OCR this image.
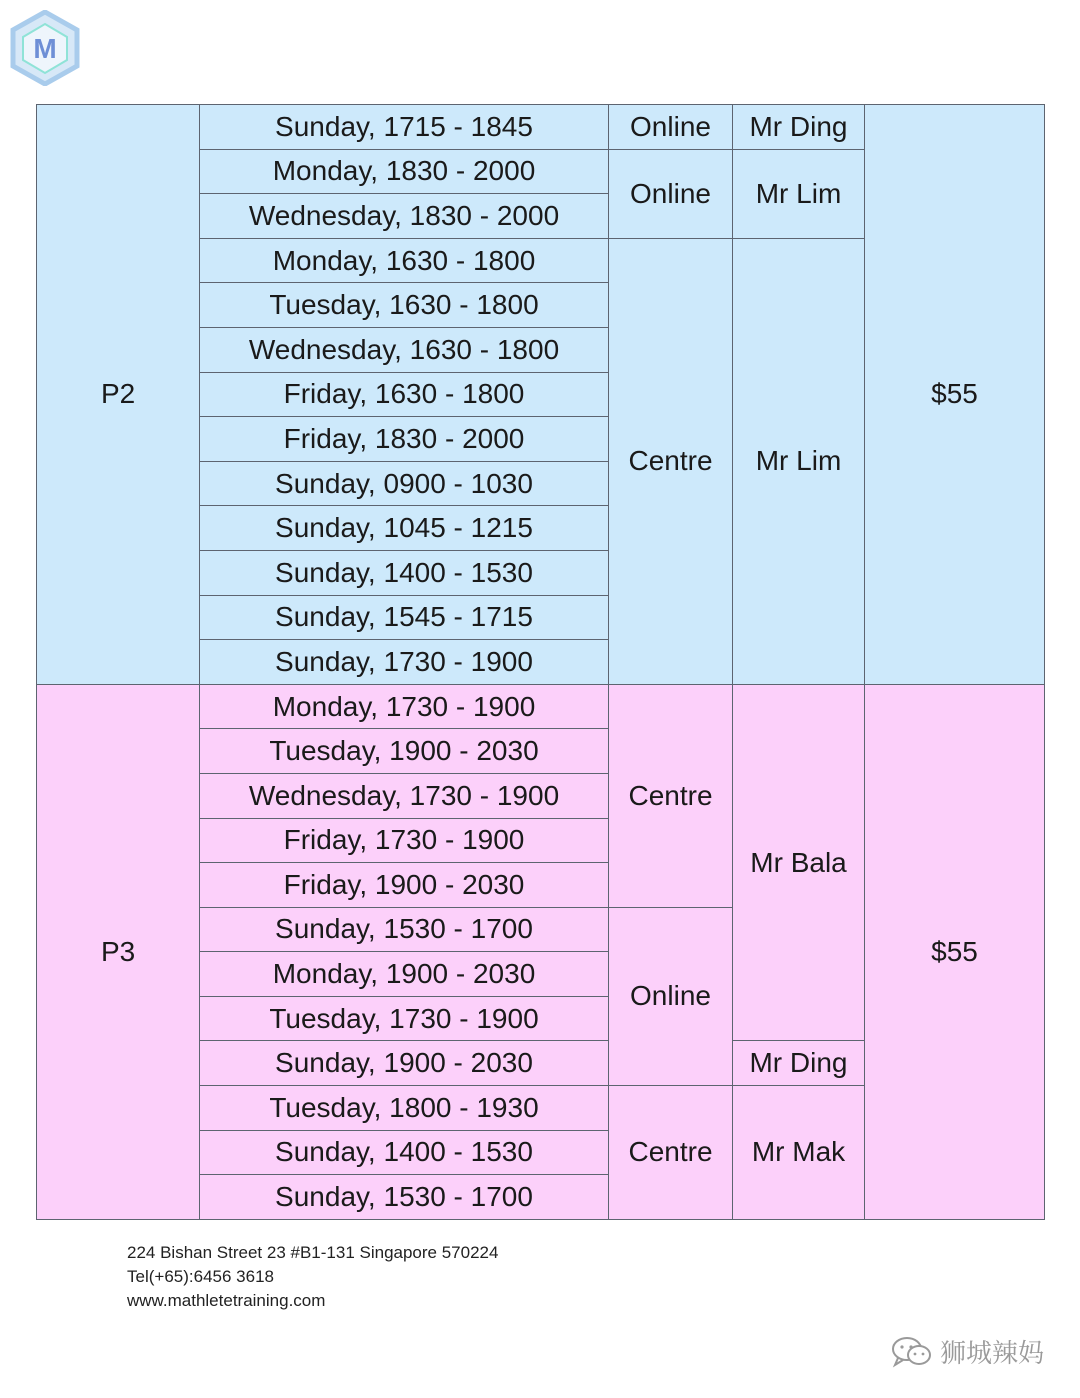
M
P2	Sunday, 1715 - 1845	Online	Mr Ding	$55
	Monday, 1830 - 2000	Online	Mr Lim	
	Wednesday, 1830 - 2000			
	Monday, 1630 - 1800	Centre	Mr Lim	
	Tuesday, 1630 - 1800			
	Wednesday, 1630 - 1800			
	Friday, 1630 - 1800			
	Friday, 1830 - 2000			
	Sunday, 0900 - 1030			
	Sunday, 1045 - 1215			
	Sunday, 1400 - 1530			
	Sunday, 1545 - 1715			
	Sunday, 1730 - 1900			
P3	Monday, 1730 - 1900	Centre	Mr Bala	$55
	Tuesday, 1900 - 2030			
	Wednesday, 1730 - 1900			
	Friday, 1730 - 1900			
	Friday, 1900 - 2030			
	Sunday, 1530 - 1700	Online		
	Monday, 1900 - 2030			
	Tuesday, 1730 - 1900			
	Sunday, 1900 - 2030		Mr Ding	
	Tuesday, 1800 - 1930	Centre	Mr Mak	
	Sunday, 1400 - 1530			
	Sunday, 1530 - 1700			
224 Bishan Street 23 #B1-131 Singapore 570224
Tel(+65):6456 3618
www.mathletetraining.com
狮城辣妈
